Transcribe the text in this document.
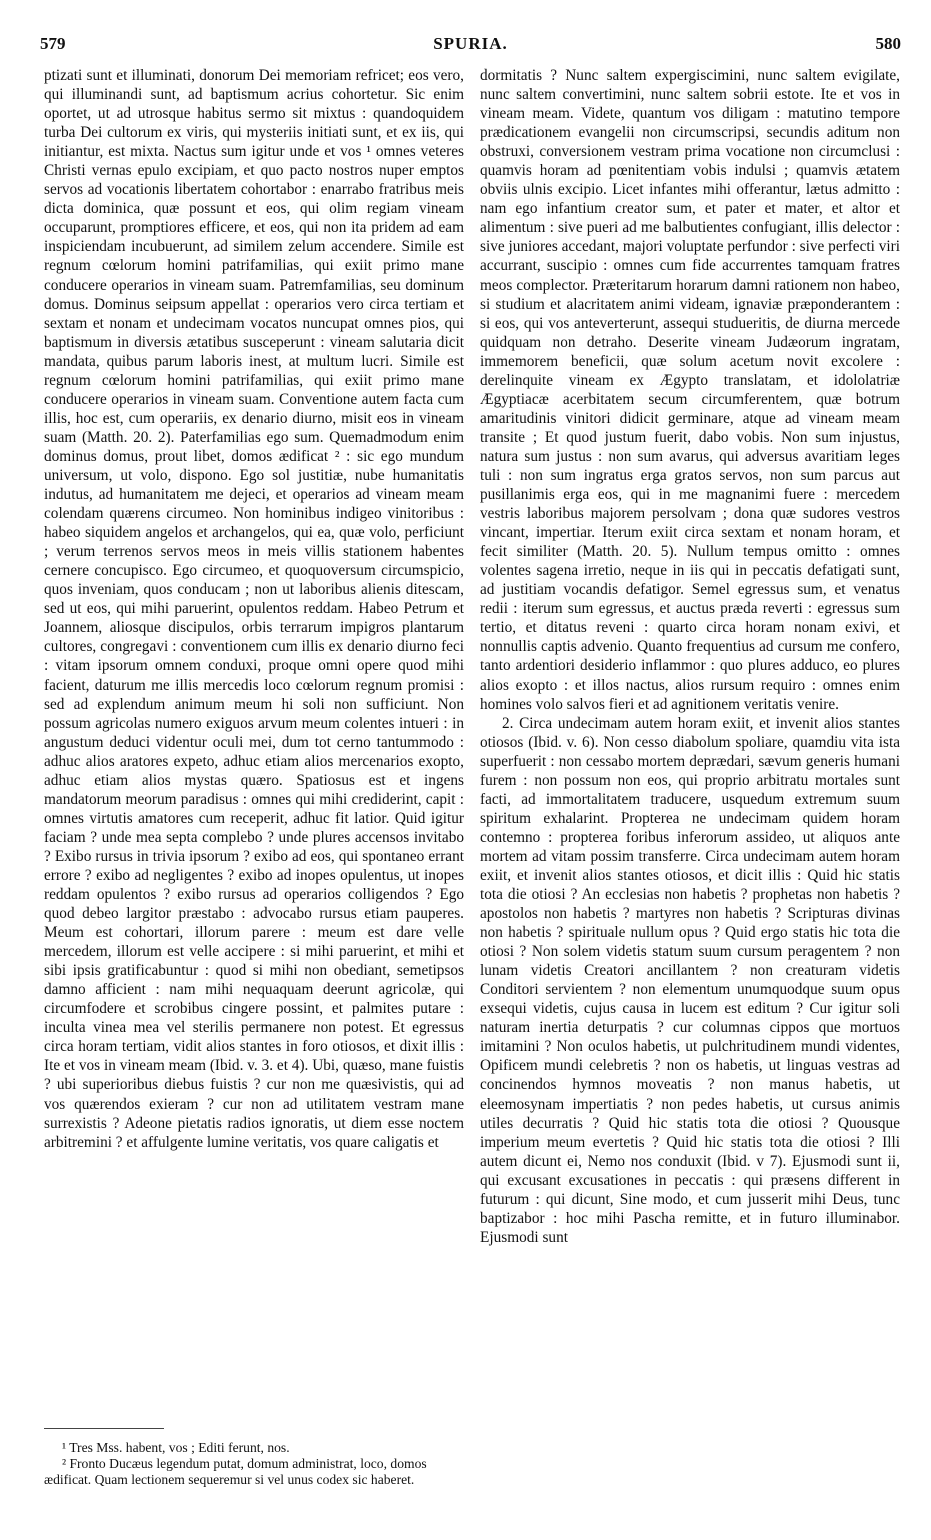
579	SPURIA.	580

ptizati sunt et illuminati, donorum Dei memoriam refricet; eos vero, qui illuminandi sunt, ad baptismum acrius cohortetur. Sic enim oportet, ut ad utrosque habitus sermo sit mixtus : quandoquidem turba Dei cultorum ex viris, qui mysteriis initiati sunt, et ex iis, qui initiantur, est mixta. Nactus sum igitur unde et vos ¹ omnes veteres Christi vernas epulo excipiam, et quo pacto nostros nuper emptos servos ad vocationis libertatem cohortabor : enarrabo fratribus meis dicta dominica, quæ possunt et eos, qui olim regiam vineam occuparunt, promptiores efficere, et eos, qui non ita pridem ad eam inspiciendam incubuerunt, ad similem zelum accendere. Simile est regnum cœlorum homini patrifamilias, qui exiit primo mane conducere operarios in vineam suam. Patremfamilias, seu dominum domus. Dominus seipsum appellat : operarios vero circa tertiam et sextam et nonam et undecimam vocatos nuncupat omnes pios, qui baptismum in diversis ætatibus susceperunt : vineam salutaria dicit mandata, quibus parum laboris inest, at multum lucri. Simile est regnum cœlorum homini patrifamilias, qui exiit primo mane conducere operarios in vineam suam. Conventione autem facta cum illis, hoc est, cum operariis, ex denario diurno, misit eos in vineam suam (Matth. 20. 2). Paterfamilias ego sum. Quemadmodum enim dominus domus, prout libet, domos ædificat ² : sic ego mundum universum, ut volo, dispono. Ego sol justitiæ, nube humanitatis indutus, ad humanitatem me dejeci, et operarios ad vineam meam colendam quærens circumeo. Non hominibus indigeo vinitoribus : habeo siquidem angelos et archangelos, qui ea, quæ volo, perficiunt ; verum terrenos servos meos in meis villis stationem habentes cernere concupisco. Ego circumeo, et quoquoversum circumspicio, quos inveniam, quos conducam ; non ut laboribus alienis ditescam, sed ut eos, qui mihi paruerint, opulentos reddam. Habeo Petrum et Joannem, aliosque discipulos, orbis terrarum impigros plantarum cultores, congregavi : conventionem cum illis ex denario diurno feci : vitam ipsorum omnem conduxi, proque omni opere quod mihi facient, daturum me illis mercedis loco cœlorum regnum promisi : sed ad explendum animum meum hi soli non sufficiunt. Non possum agricolas numero exiguos arvum meum colentes intueri : in angustum deduci videntur oculi mei, dum tot cerno tantummodo : adhuc alios aratores expeto, adhuc etiam alios mercenarios exopto, adhuc etiam alios mystas quæro. Spatiosus est et ingens mandatorum meorum paradisus : omnes qui mihi crediderint, capit : omnes virtutis amatores cum receperit, adhuc fit latior. Quid igitur faciam ? unde mea septa complebo ? unde plures accensos invitabo ? Exibo rursus in trivia ipsorum ? exibo ad eos, qui spontaneo errant errore ? exibo ad negligentes ? exibo ad inopes opulentus, ut inopes reddam opulentos ? exibo rursus ad operarios colligendos ? Ego quod debeo largitor præstabo : advocabo rursus etiam pauperes. Meum est cohortari, illorum parere : meum est dare velle mercedem, illorum est velle accipere : si mihi paruerint, et mihi et sibi ipsis gratificabuntur : quod si mihi non obediant, semetipsos damno afficient : nam mihi nequaquam deerunt agricolæ, qui circumfodere et scrobibus cingere possint, et palmites putare : inculta vinea mea vel sterilis permanere non potest. Et egressus circa horam tertiam, vidit alios stantes in foro otiosos, et dixit illis : Ite et vos in vineam meam (Ibid. v. 3. et 4). Ubi, quæso, mane fuistis ? ubi superioribus diebus fuistis ? cur non me quæsivistis, qui ad vos quærendos exieram ? cur non ad utilitatem vestram mane surrexistis ? Adeone pietatis radios ignoratis, ut diem esse noctem arbitremini ? et affulgente lumine veritatis, vos quare caligatis et

dormitatis ? Nunc saltem expergiscimini, nunc saltem evigilate, nunc saltem convertimini, nunc saltem sobrii estote. Ite et vos in vineam meam. Videte, quantum vos diligam : matutino tempore prædicationem evangelii non circumscripsi, secundis aditum non obstruxi, conversionem vestram prima vocatione non circumclusi : quamvis horam ad pœnitentiam vobis indulsi ; quamvis ætatem obviis ulnis excipio. Licet infantes mihi offerantur, lætus admitto : nam ego infantium creator sum, et pater et mater, et altor et alimentum : sive pueri ad me balbutientes confugiant, illis delector : sive juniores accedant, majori voluptate perfundor : sive perfecti viri accurrant, suscipio : omnes cum fide accurrentes tamquam fratres meos complector. Præteritarum horarum damni rationem non habeo, si studium et alacritatem animi videam, ignaviæ præponderantem : si eos, qui vos anteverterunt, assequi studueritis, de diurna mercede quidquam non detraho. Deserite vineam Judæorum ingratam, immemorem beneficii, quæ solum acetum novit excolere : derelinquite vineam ex Ægypto translatam, et idololatriæ Ægyptiacæ acerbitatem secum circumferentem, quæ botrum amaritudinis vinitori didicit germinare, atque ad vineam meam transite ; Et quod justum fuerit, dabo vobis. Non sum injustus, natura sum justus : non sum avarus, qui adversus avaritiam leges tuli : non sum ingratus erga gratos servos, non sum parcus aut pusillanimis erga eos, qui in me magnanimi fuere : mercedem vestris laboribus majorem persolvam ; dona quæ sudores vestros vincant, impertiar. Iterum exiit circa sextam et nonam horam, et fecit similiter (Matth. 20. 5). Nullum tempus omitto : omnes volentes sagena irretio, neque in iis qui in peccatis defatigati sunt, ad justitiam vocandis defatigor. Semel egressus sum, et venatus redii : iterum sum egressus, et auctus præda reverti : egressus sum tertio, et ditatus reveni : quarto circa horam nonam exivi, et nonnullis captis advenio. Quanto frequentius ad cursum me confero, tanto ardentiori desiderio inflammor : quo plures adduco, eo plures alios exopto : et illos nactus, alios rursum requiro : omnes enim homines volo salvos fieri et ad agnitionem veritatis venire.

2. Circa undecimam autem horam exiit, et invenit alios stantes otiosos (Ibid. v. 6). Non cesso diabolum spoliare, quamdiu vita ista superfuerit : non cessabo mortem deprædari, sævum generis humani furem : non possum non eos, qui proprio arbitratu mortales sunt facti, ad immortalitatem traducere, usquedum extremum suum spiritum exhalarint. Propterea ne undecimam quidem horam contemno : propterea foribus inferorum assideo, ut aliquos ante mortem ad vitam possim transferre. Circa undecimam autem horam exiit, et invenit alios stantes otiosos, et dicit illis : Quid hic statis tota die otiosi ? An ecclesias non habetis ? prophetas non habetis ? apostolos non habetis ? martyres non habetis ? Scripturas divinas non habetis ? spirituale nullum opus ? Quid ergo statis hic tota die otiosi ? Non solem videtis statum suum cursum peragentem ? non lunam videtis Creatori ancillantem ? non creaturam videtis Conditori servientem ? non elementum unumquodque suum opus exsequi videtis, cujus causa in lucem est editum ? Cur igitur soli naturam inertia deturpatis ? cur columnas cippos que mortuos imitamini ? Non oculos habetis, ut pulchritudinem mundi videntes, Opificem mundi celebretis ? non os habetis, ut linguas vestras ad concinendos hymnos moveatis ? non manus habetis, ut eleemosynam impertiatis ? non pedes habetis, ut cursus animis utiles decurratis ? Quid hic statis tota die otiosi ? Quousque imperium meum evertetis ? Quid hic statis tota die otiosi ? Illi autem dicunt ei, Nemo nos conduxit (Ibid. v 7). Ejusmodi sunt ii, qui excusant excusationes in peccatis : qui præsens different in futurum : qui dicunt, Sine modo, et cum jusserit mihi Deus, tunc baptizabor : hoc mihi Pascha remitte, et in futuro illuminabor. Ejusmodi sunt

¹ Tres Mss. habent, vos ; Editi ferunt, nos.

² Fronto Ducæus legendum putat, domum administrat, loco, domos ædificat. Quam lectionem sequeremur si vel unus codex sic haberet.
